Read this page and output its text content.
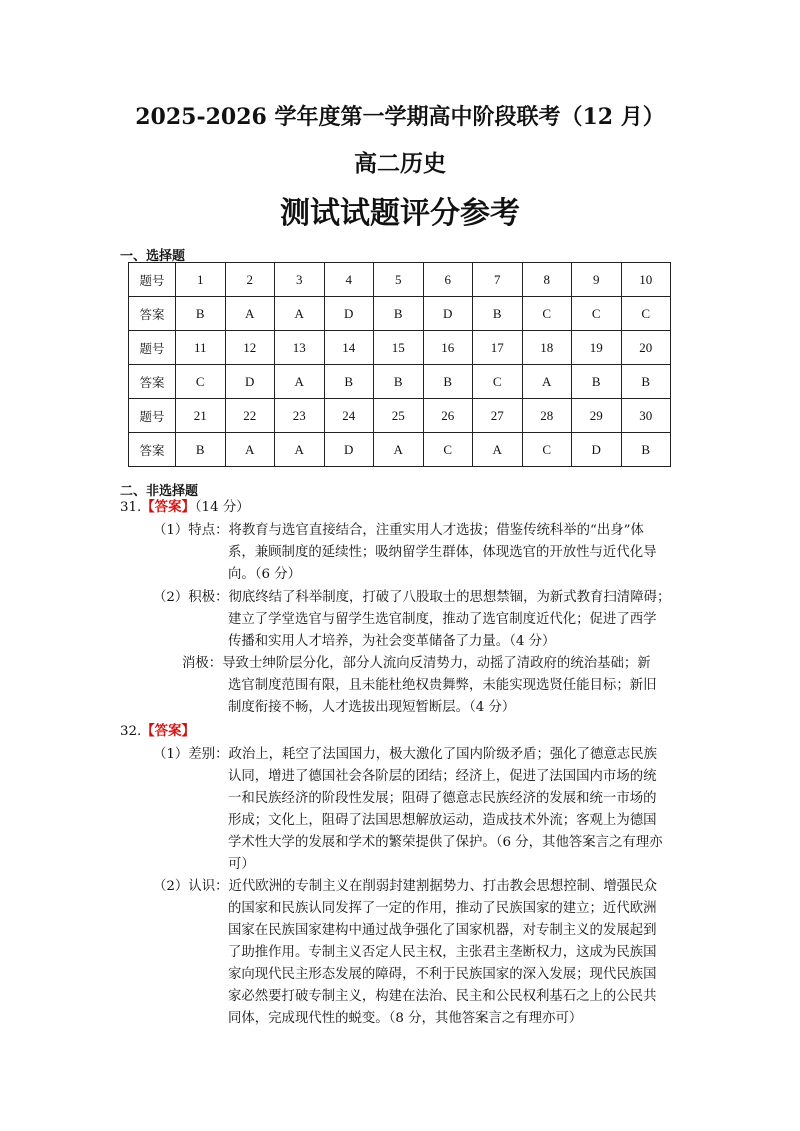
2025-2026 学年度第一学期高中阶段联考（12 月）
高二历史
测试试题评分参考
一、选择题
题号	1	2	3	4	5	6	7	8	9	10
答案	B	A	A	D	B	D	B	C	C	C
题号	11	12	13	14	15	16	17	18	19	20
答案	C	D	A	B	B	B	C	A	B	B
题号	21	22	23	24	25	26	27	28	29	30
答案	B	A	A	D	A	C	A	C	D	B
二、非选择题
31.【答案】（14 分）
（1）特点：将教育与选官直接结合，注重实用人才选拔；借鉴传统科举的“出身”体
系，兼顾制度的延续性；吸纳留学生群体，体现选官的开放性与近代化导
向。（6 分）
（2）积极：彻底终结了科举制度，打破了八股取士的思想禁锢，为新式教育扫清障碍；
建立了学堂选官与留学生选官制度，推动了选官制度近代化；促进了西学
传播和实用人才培养，为社会变革储备了力量。（4 分）
消极：导致士绅阶层分化，部分人流向反清势力，动摇了清政府的统治基础；新
选官制度范围有限，且未能杜绝权贵舞弊，未能实现选贤任能目标；新旧
制度衔接不畅，人才选拔出现短暂断层。（4 分）
32.【答案】
（1）差别：政治上，耗空了法国国力，极大激化了国内阶级矛盾；强化了德意志民族
认同，增进了德国社会各阶层的团结；经济上，促进了法国国内市场的统
一和民族经济的阶段性发展；阻碍了德意志民族经济的发展和统一市场的
形成；文化上，阻碍了法国思想解放运动，造成技术外流；客观上为德国
学术性大学的发展和学术的繁荣提供了保护。（6 分，其他答案言之有理亦
可）
（2）认识：近代欧洲的专制主义在削弱封建割据势力、打击教会思想控制、增强民众
的国家和民族认同发挥了一定的作用，推动了民族国家的建立；近代欧洲
国家在民族国家建构中通过战争强化了国家机器，对专制主义的发展起到
了助推作用。专制主义否定人民主权，主张君主垄断权力，这成为民族国
家向现代民主形态发展的障碍，不利于民族国家的深入发展；现代民族国
家必然要打破专制主义，构建在法治、民主和公民权利基石之上的公民共
同体，完成现代性的蜕变。（8 分，其他答案言之有理亦可）
